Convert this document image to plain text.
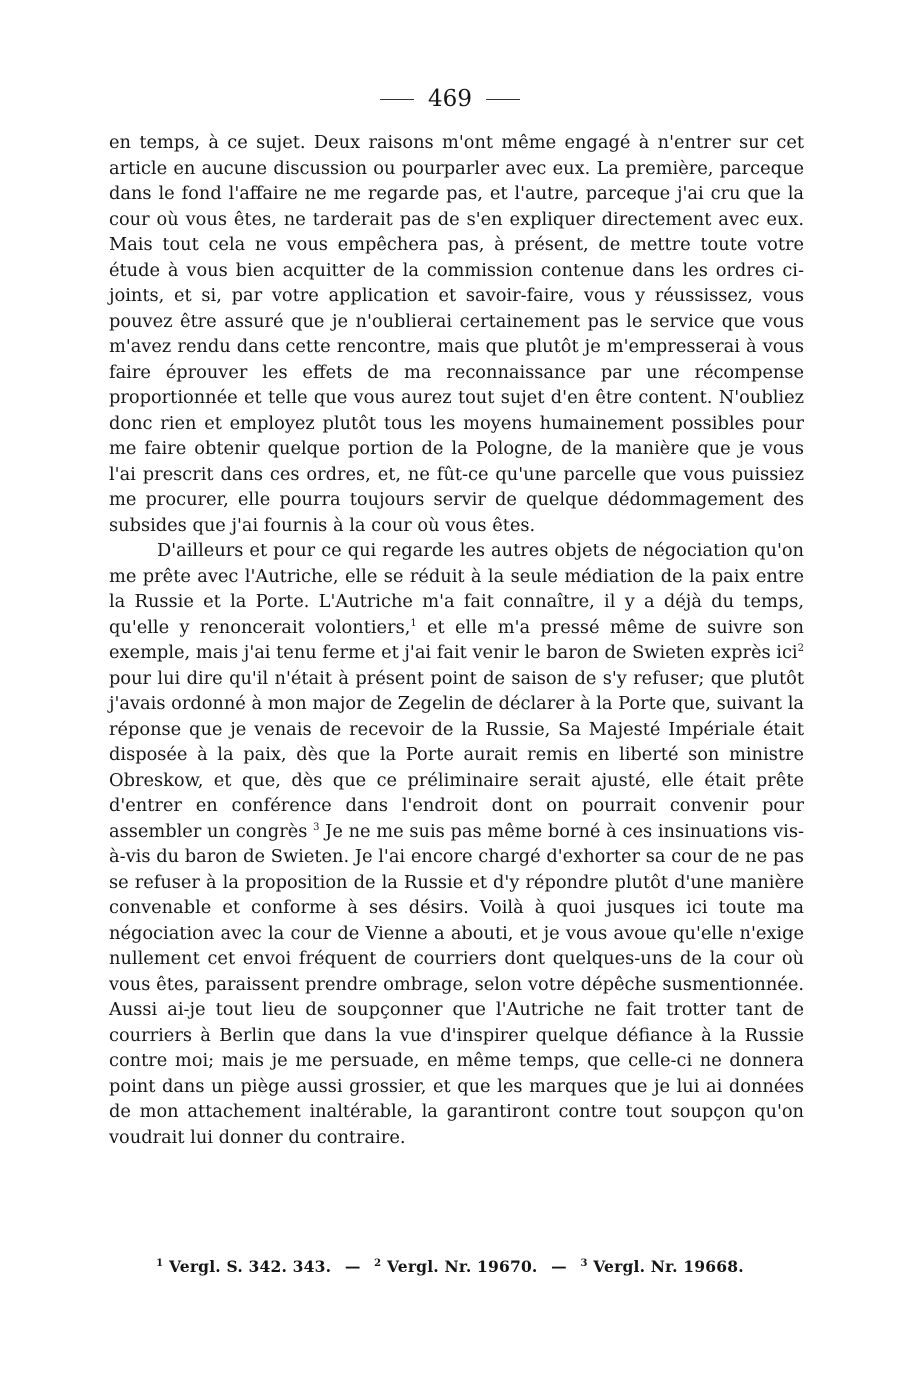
469

en temps, à ce sujet. Deux raisons m'ont même engagé à n'entrer sur cet article en aucune discussion ou pourparler avec eux. La première, parceque dans le fond l'affaire ne me regarde pas, et l'autre, parceque j'ai cru que la cour où vous êtes, ne tarderait pas de s'en expliquer directement avec eux. Mais tout cela ne vous empêchera pas, à présent, de mettre toute votre étude à vous bien acquitter de la commission contenue dans les ordres ci-joints, et si, par votre application et savoir-faire, vous y réussissez, vous pouvez être assuré que je n'oublierai certainement pas le service que vous m'avez rendu dans cette rencontre, mais que plutôt je m'empresserai à vous faire éprouver les effets de ma reconnaissance par une récompense proportionnée et telle que vous aurez tout sujet d'en être content. N'oubliez donc rien et employez plutôt tous les moyens humainement possibles pour me faire obtenir quelque portion de la Pologne, de la manière que je vous l'ai prescrit dans ces ordres, et, ne fût-ce qu'une parcelle que vous puissiez me procurer, elle pourra toujours servir de quelque dédommagement des subsides que j'ai fournis à la cour où vous êtes.

D'ailleurs et pour ce qui regarde les autres objets de négociation qu'on me prête avec l'Autriche, elle se réduit à la seule médiation de la paix entre la Russie et la Porte. L'Autriche m'a fait connaître, il y a déjà du temps, qu'elle y renoncerait volontiers,$^1$ et elle m'a pressé même de suivre son exemple, mais j'ai tenu ferme et j'ai fait venir le baron de Swieten exprès ici$^2$ pour lui dire qu'il n'était à présent point de saison de s'y refuser; que plutôt j'avais ordonné à mon major de Zegelin de déclarer à la Porte que, suivant la réponse que je venais de recevoir de la Russie, Sa Majesté Impériale était disposée à la paix, dès que la Porte aurait remis en liberté son ministre Obreskow, et que, dès que ce préliminaire serait ajusté, elle était prête d'entrer en conférence dans l'endroit dont on pourrait convenir pour assembler un congrès $^3$ Je ne me suis pas même borné à ces insinuations vis-à-vis du baron de Swieten. Je l'ai encore chargé d'exhorter sa cour de ne pas se refuser à la proposition de la Russie et d'y répondre plutôt d'une manière convenable et conforme à ses désirs. Voilà à quoi jusques ici toute ma négociation avec la cour de Vienne a abouti, et je vous avoue qu'elle n'exige nullement cet envoi fréquent de courriers dont quelques-uns de la cour où vous êtes, paraissent prendre ombrage, selon votre dépêche susmentionnée. Aussi ai-je tout lieu de soupçonner que l'Autriche ne fait trotter tant de courriers à Berlin que dans la vue d'inspirer quelque défiance à la Russie contre moi; mais je me persuade, en même temps, que celle-ci ne donnera point dans un piège aussi grossier, et que les marques que je lui ai données de mon attachement inaltérable, la garantiront contre tout soupçon qu'on voudrait lui donner du contraire.

$^1$ Vergl. S. 342. 343. — $^2$ Vergl. Nr. 19670. — $^3$ Vergl. Nr. 19668.
